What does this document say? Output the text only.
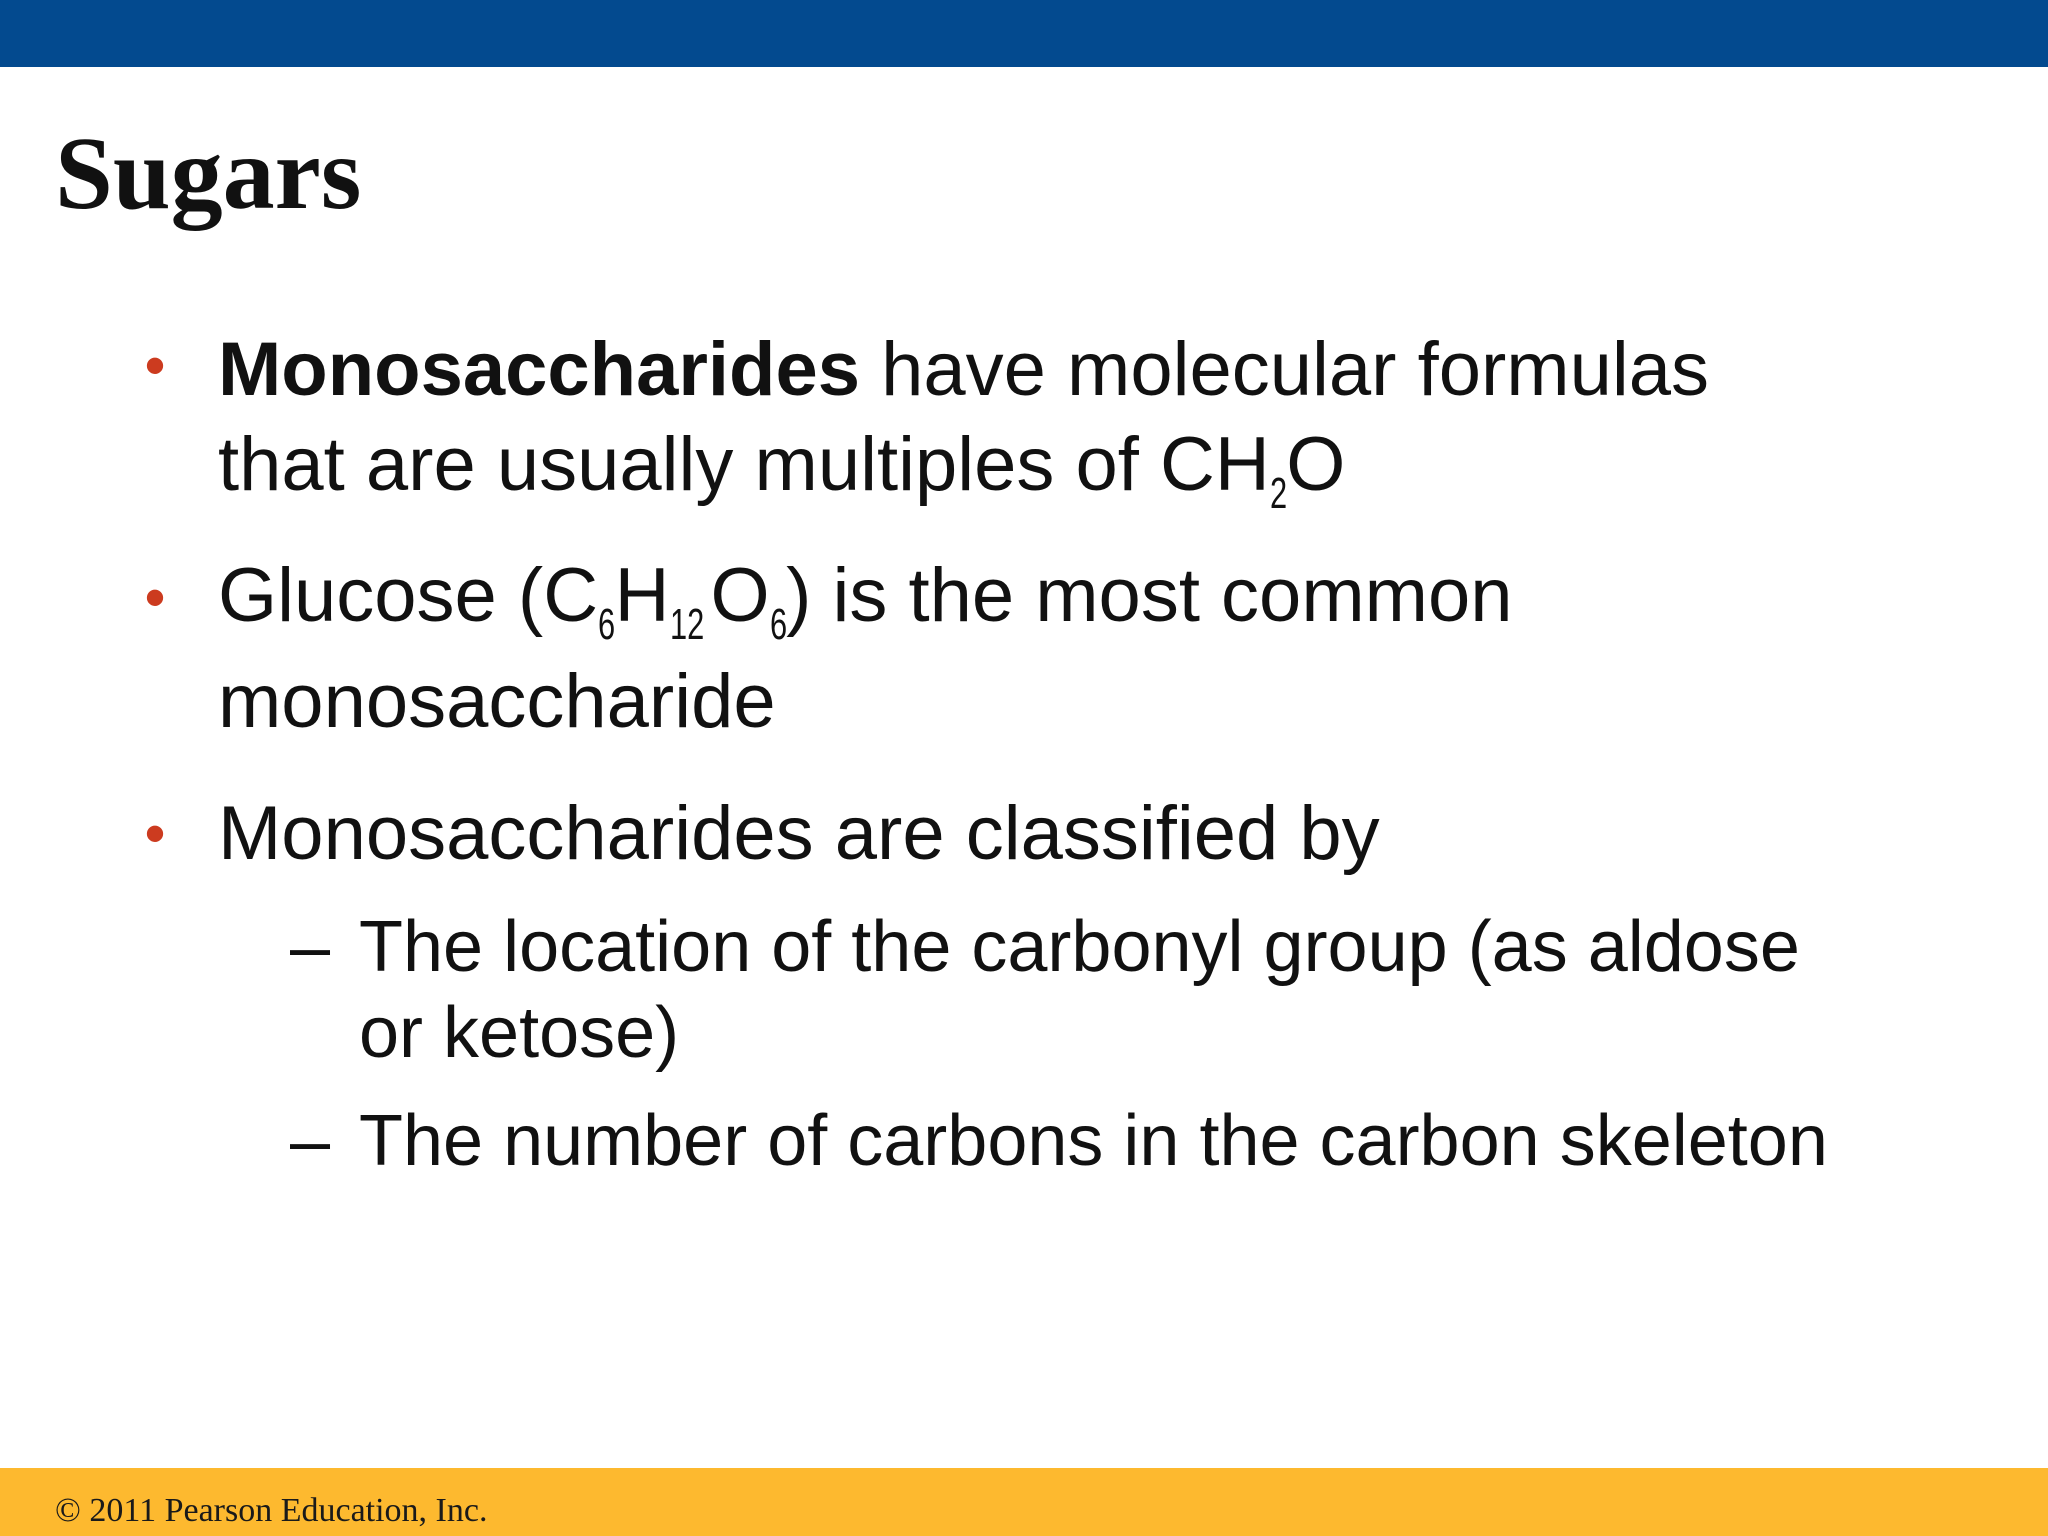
Sugars
• Monosaccharides have molecular formulas
that are usually multiples of CH2O
• Glucose (C6H12O6) is the most common
monosaccharide
• Monosaccharides are classified by
– The location of the carbonyl group (as aldose
or ketose)
– The number of carbons in the carbon skeleton
© 2011 Pearson Education, Inc.
